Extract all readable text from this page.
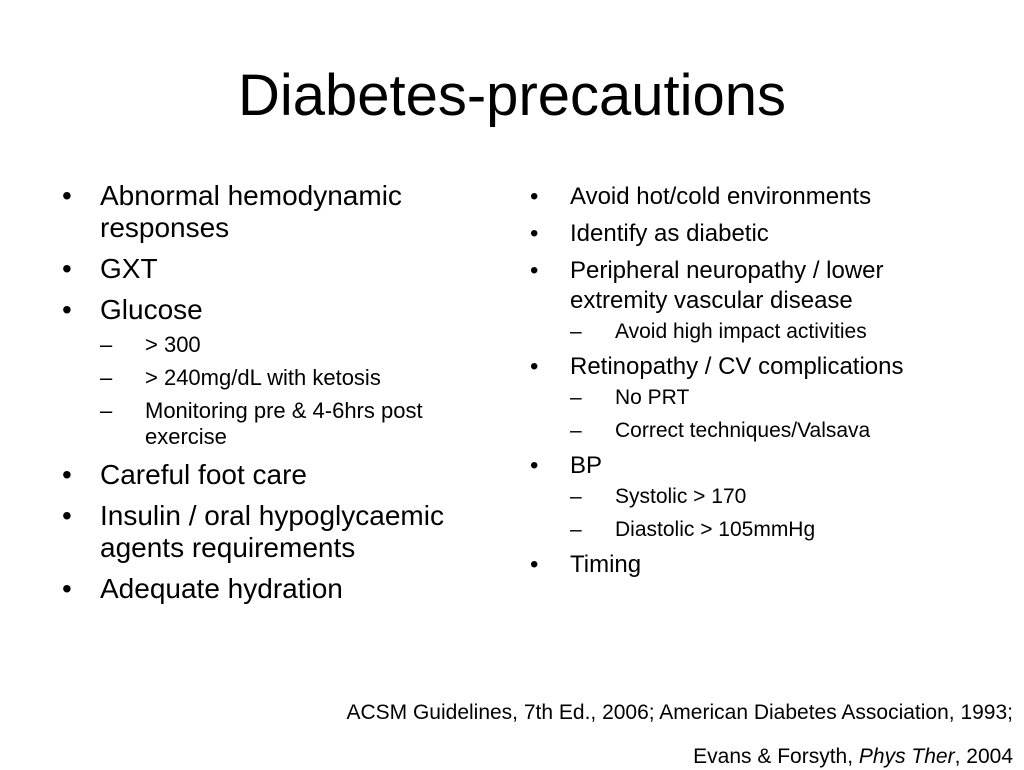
Diabetes-precautions
• Abnormal hemodynamic responses
• GXT
• Glucose
– > 300
– > 240mg/dL with ketosis
– Monitoring pre & 4-6hrs post exercise
• Careful foot care
• Insulin / oral hypoglycaemic agents requirements
• Adequate hydration
• Avoid hot/cold environments
• Identify as diabetic
• Peripheral neuropathy / lower extremity vascular disease
– Avoid high impact activities
• Retinopathy / CV complications
– No PRT
– Correct techniques/Valsava
• BP
– Systolic > 170
– Diastolic > 105mmHg
• Timing
ACSM Guidelines, 7th Ed., 2006; American Diabetes Association, 1993;
Evans & Forsyth, Phys Ther, 2004
